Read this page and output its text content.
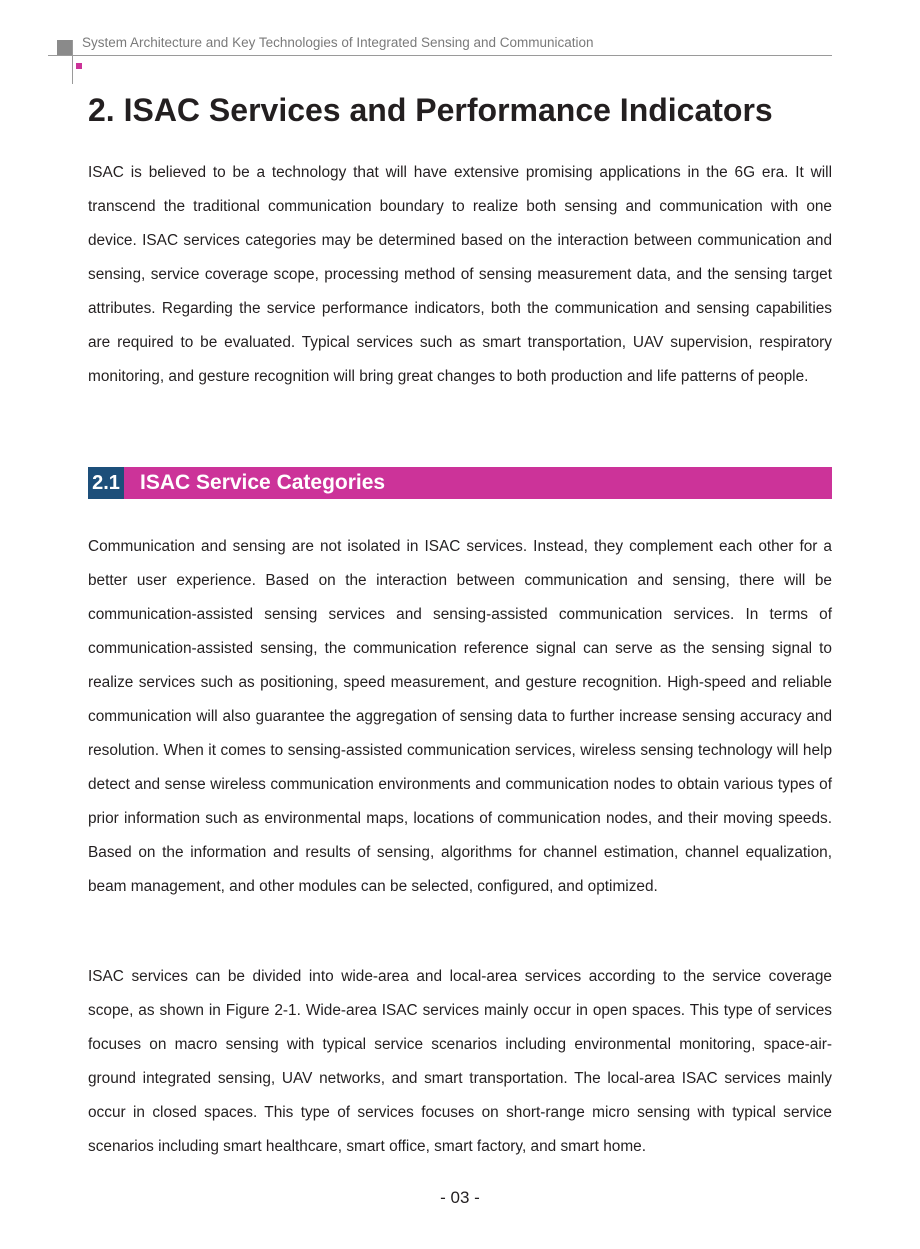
System Architecture and Key Technologies of Integrated Sensing and Communication
2. ISAC Services and Performance Indicators

ISAC is believed to be a technology that will have extensive promising applications in the 6G era. It will transcend the traditional communication boundary to realize both sensing and communication with one device. ISAC services categories may be determined based on the interaction between communication and sensing, service coverage scope, processing method of sensing measurement data, and the sensing target attributes. Regarding the service performance indicators, both the communication and sensing capabilities are required to be evaluated. Typical services such as smart transportation, UAV supervision, respiratory monitoring, and gesture recognition will bring great changes to both production and life patterns of people.

2.1 ISAC Service Categories

Communication and sensing are not isolated in ISAC services. Instead, they complement each other for a better user experience. Based on the interaction between communication and sensing, there will be communication-assisted sensing services and sensing-assisted communication services. In terms of communication-assisted sensing, the communication reference signal can serve as the sensing signal to realize services such as positioning, speed measurement, and gesture recognition. High-speed and reliable communication will also guarantee the aggregation of sensing data to further increase sensing accuracy and resolution. When it comes to sensing-assisted communication services, wireless sensing technology will help detect and sense wireless communication environments and communication nodes to obtain various types of prior information such as environmental maps, locations of communication nodes, and their moving speeds. Based on the information and results of sensing, algorithms for channel estimation, channel equalization, beam management, and other modules can be selected, configured, and optimized.

ISAC services can be divided into wide-area and local-area services according to the service coverage scope, as shown in Figure 2-1. Wide-area ISAC services mainly occur in open spaces. This type of services focuses on macro sensing with typical service scenarios including environmental monitoring, space-air-ground integrated sensing, UAV networks, and smart transportation. The local-area ISAC services mainly occur in closed spaces. This type of services focuses on short-range micro sensing with typical service scenarios including smart healthcare, smart office, smart factory, and smart home.

- 03 -
